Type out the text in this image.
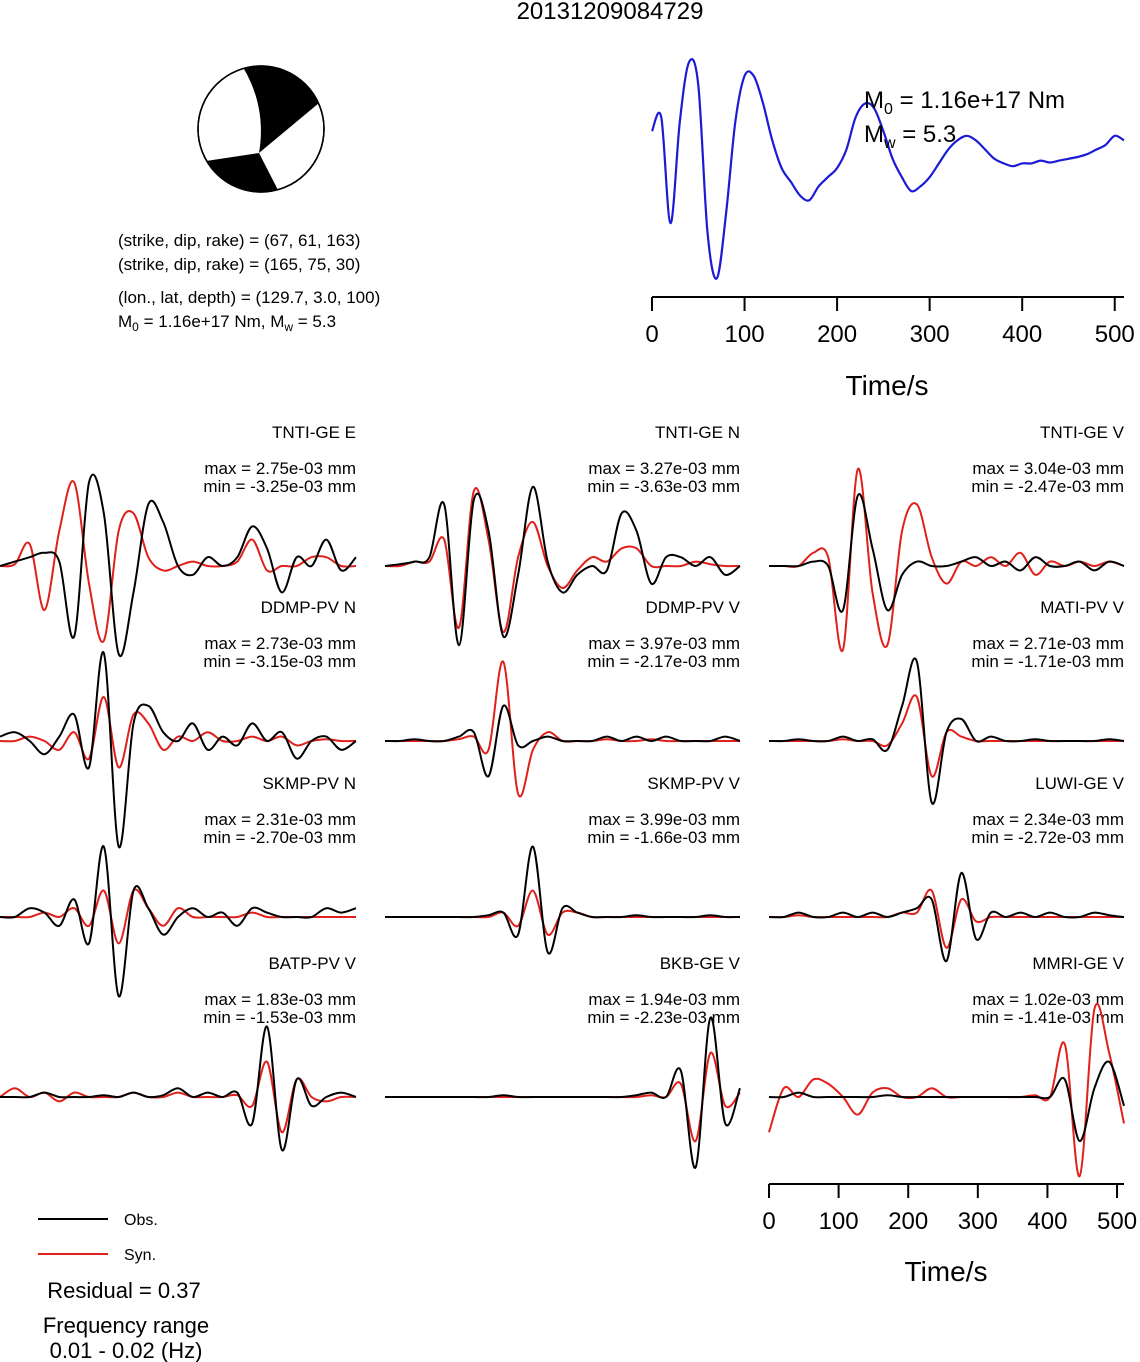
20131209084729
(strike, dip, rake) = (67, 61, 163)
(strike, dip, rake) = (165, 75, 30)
(lon., lat, depth) = (129.7, 3.0, 100)
$M_0 = 1.16e+17$ Nm, $M_w = 5.3$
$M_0 = 1.16e+17$ Nm
$M_w = 5.3$
0	100 200 300 400 500
Time/s
TNTI-GE E
max = 2.75e-03 mm
min = -3.25e-03 mm
TNTI-GE N
max = 3.27e-03 mm
min = -3.63e-03 mm
TNTI-GE V
max = 3.04e-03 mm
min = -2.47e-03 mm
DDMP-PV N
max = 2.73e-03 mm
min = -3.15e-03 mm
DDMP-PV V
max = 3.97e-03 mm
min = -2.17e-03 mm
MATI-PV V
max = 2.71e-03 mm
min = -1.71e-03 mm
SKMP-PV N
max = 2.31e-03 mm
min = -2.70e-03 mm
SKMP-PV V
max = 3.99e-03 mm
min = -1.66e-03 mm
LUWI-GE V
max = 2.34e-03 mm
min = -2.72e-03 mm
BATP-PV V
max = 1.83e-03 mm
min = -1.53e-03 mm
BKB-GE V
max = 1.94e-03 mm
min = -2.23e-03 mm
MMRI-GE V
max = 1.02e-03 mm
min = -1.41e-03 mm
0 100 200 300 400 500
Time/s
Obs.
Syn.
Residual = 0.37
Frequency range
0.01 - 0.02 (Hz)
